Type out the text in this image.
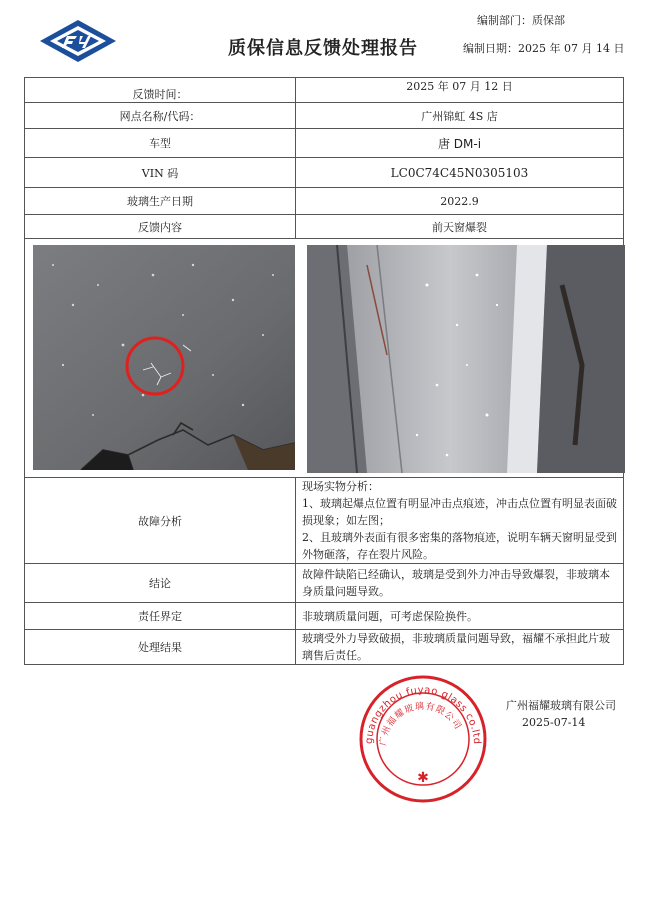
编制部门：质保部
质保信息反馈处理报告	编制日期：2025 年 07 月 14 日
反馈时间：	2025 年 07 月 12 日
网点名称/代码：	广州锦虹 4S 店
车型	唐 DM-i
VIN 码	LC0C74C45N0305103
玻璃生产日期	2022.9
反馈内容	前天窗爆裂

故障分析	现场实物分析：
1、玻璃起爆点位置有明显冲击点痕迹，冲击点位置有明显表面破损现象；如左图；
2、且玻璃外表面有很多密集的落物痕迹，说明车辆天窗明显受到外物砸落，存在裂片风险。

结论	故障件缺陷已经确认，玻璃是受到外力冲击导致爆裂，非玻璃本身质量问题导致。
责任界定	非玻璃质量问题，可考虑保险换件。
处理结果	玻璃受外力导致破损，非玻璃质量问题导致，福耀不承担此片玻璃售后责任。
guangzhou fuyao glass co.ltd
广州福耀玻璃有限公司
✱
广州福耀玻璃有限公司
2025-07-14
